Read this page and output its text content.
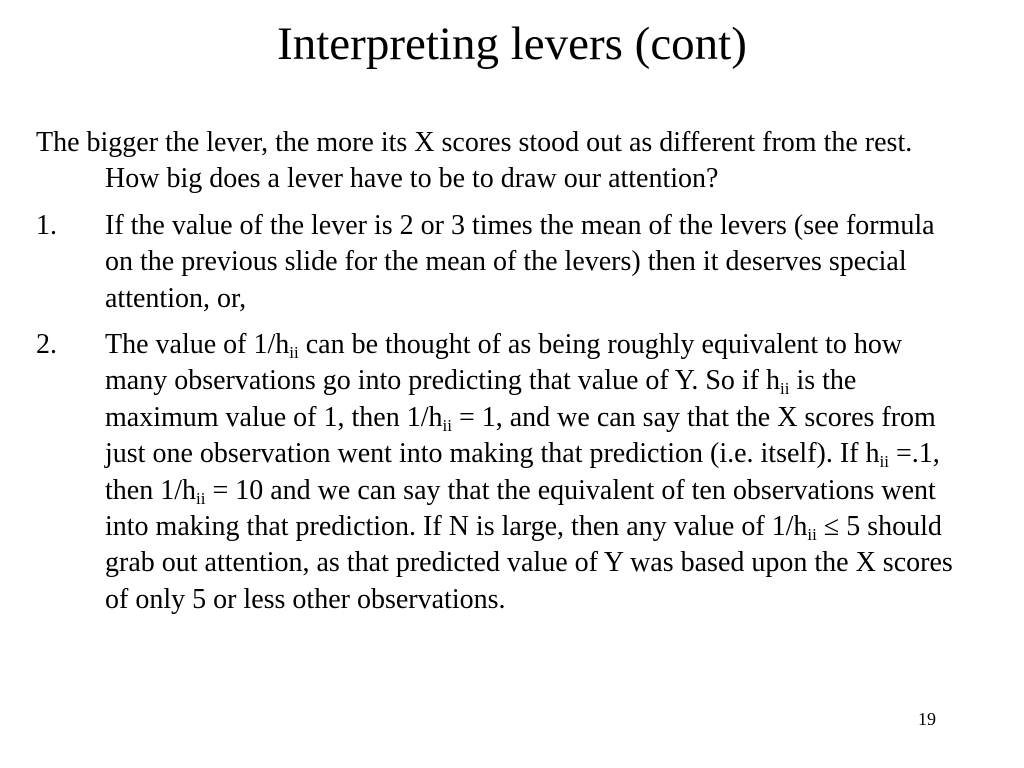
Interpreting levers (cont)

The bigger the lever, the more its X scores stood out as different from the rest. How big does a lever have to be to draw our attention?

1.	If the value of the lever is 2 or 3 times the mean of the levers (see formula on the previous slide for the mean of the levers) then it deserves special attention, or,
2.	The value of $1/h_{ii}$ can be thought of as being roughly equivalent to how many observations go into predicting that value of Y. So if $h_{ii}$ is the maximum value of 1, then $1/h_{ii} = 1$, and we can say that the X scores from just one observation went into making that prediction (i.e. itself). If $h_{ii} =.1$, then $1/h_{ii} = 10$ and we can say that the equivalent of ten observations went into making that prediction. If N is large, then any value of $1/h_{ii} \le 5$ should grab out attention, as that predicted value of Y was based upon the X scores of only 5 or less other observations.
19
